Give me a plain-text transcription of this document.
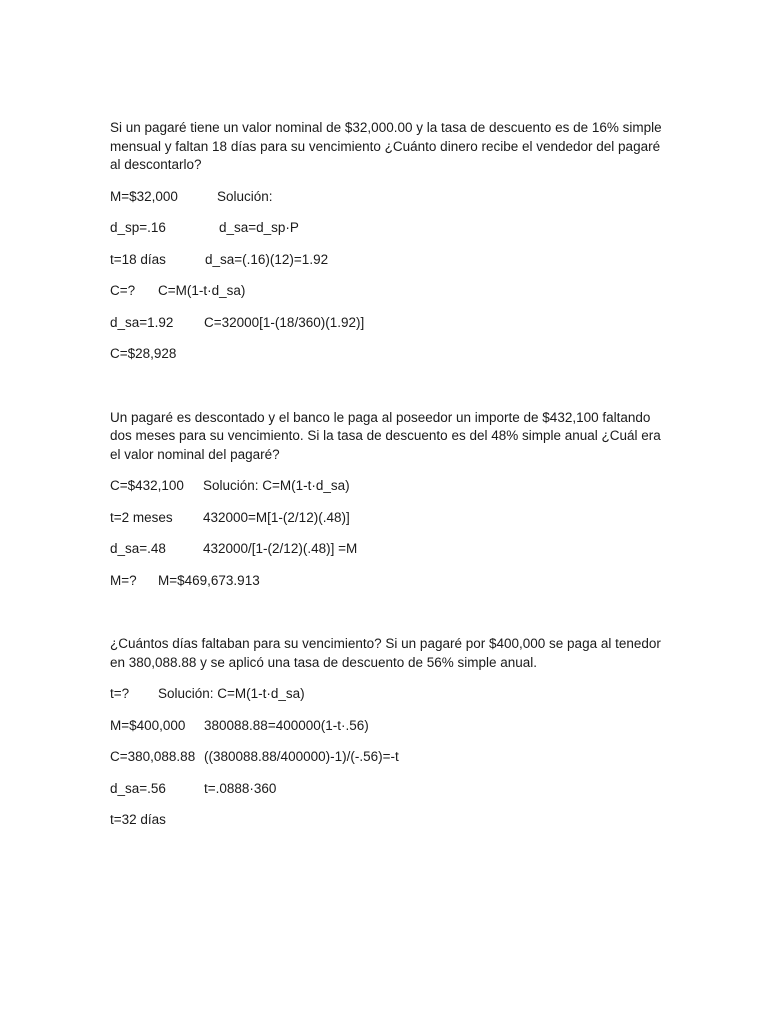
Si un pagaré tiene un valor nominal de $32,000.00 y la tasa de descuento es de 16% simple mensual y faltan 18 días para su vencimiento ¿Cuánto dinero recibe el vendedor del pagaré al descontarlo?

M=$32,000	Solución:

d_sp=.16	d_sa=d_sp·P

t=18 días	d_sa=(.16)(12)=1.92

C=? C=M(1-t·d_sa)

d_sa=1.92 C=32000[1-(18/360)(1.92)]

C=$28,928

Un pagaré es descontado y el banco le paga al poseedor un importe de $432,100 faltando dos meses para su vencimiento. Si la tasa de descuento es del 48% simple anual ¿Cuál era el valor nominal del pagaré?

C=$432,100 Solución: C=M(1-t·d_sa)

t=2 meses 432000=M[1-(2/12)(.48)]

d_sa=.48	432000/[1-(2/12)(.48)] =M

M=? M=$469,673.913

¿Cuántos días faltaban para su vencimiento? Si un pagaré por $400,000 se paga al tenedor en 380,088.88 y se aplicó una tasa de descuento de 56% simple anual.

t=? Solución: C=M(1-t·d_sa)

M=$400,000 380088.88=400000(1-t·.56)

C=380,088.88 ((380088.88/400000)-1)/(-.56)=-t

d_sa=.56	t=.0888·360

t=32 días
